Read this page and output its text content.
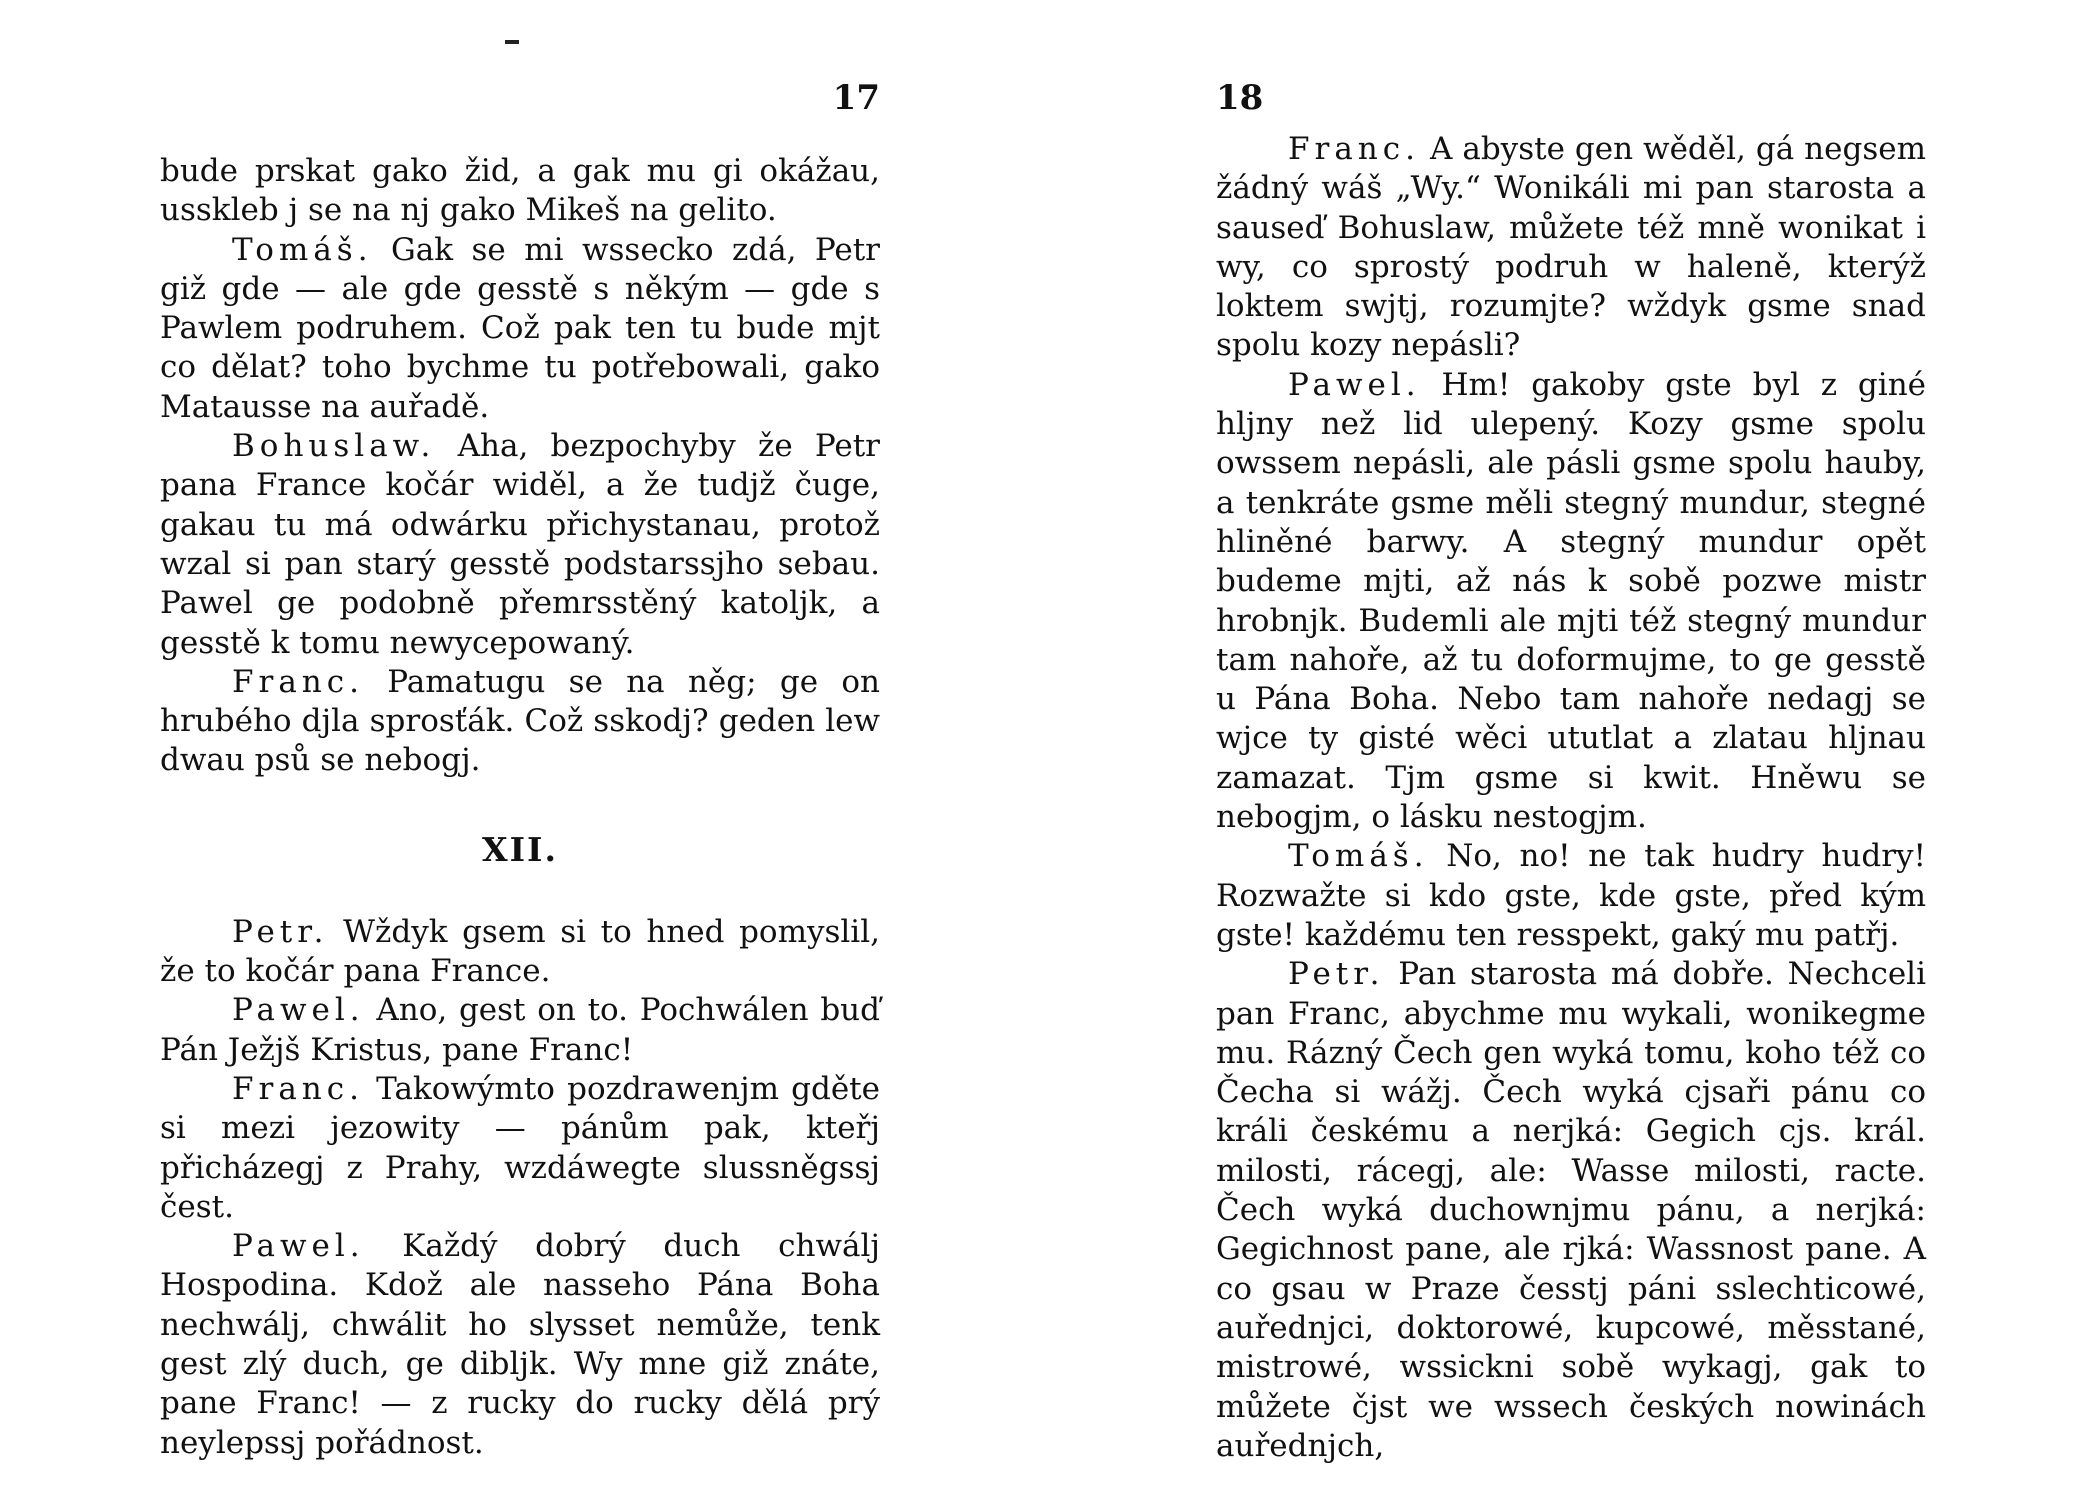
17

bude prskat gako žid, a gak mu gi okážau, usskleb j se na nj gako Mikeš na gelito.

Tomáš. Gak se mi wssecko zdá, Petr giž gde — ale gde gesstě s někým — gde s Pawlem podruhem. Což pak ten tu bude mjt co dělat? toho bychme tu potřebowali, gako Matausse na auřadě.

Bohuslaw. Aha, bezpochyby že Petr pana France kočár widěl, a že tudjž čuge, gakau tu má odwárku přichystanau, protož wzal si pan starý gesstě podstarssjho sebau. Pawel ge podobně přemrsstěný katoljk, a gesstě k tomu newycepowaný.

Franc. Pamatugu se na něg; ge on hrubého djla sprosťák. Což sskodj? geden lew dwau psů se nebogj.

XII.

Petr. Wždyk gsem si to hned pomyslil, že to kočár pana France.

Pawel. Ano, gest on to. Pochwálen buď Pán Ježjš Kristus, pane Franc!

Franc. Takowýmto pozdrawenjm gděte si mezi jezowity — pánům pak, kteřj přicházegj z Prahy, wzdáwegte slussněgssj čest.

Pawel. Každý dobrý duch chwálj Hospodina. Kdož ale nasseho Pána Boha nechwálj, chwálit ho slysset nemůže, tenk gest zlý duch, ge dibljk. Wy mne giž znáte, pane Franc! — z rucky do rucky dělá prý neylepssj pořádnost.

18

Franc. A abyste gen wěděl, gá negsem žádný wáš „Wy.“ Wonikáli mi pan starosta a sauseď Bohuslaw, můžete též mně wonikat i wy, co sprostý podruh w haleně, kterýž loktem swjtj, rozumjte? wždyk gsme snad spolu kozy nepásli?

Pawel. Hm! gakoby gste byl z giné hljny než lid ulepený. Kozy gsme spolu owssem nepásli, ale pásli gsme spolu hauby, a tenkráte gsme měli stegný mundur, stegné hliněné barwy. A stegný mundur opět budeme mjti, až nás k sobě pozwe mistr hrobnjk. Budemli ale mjti též stegný mundur tam nahoře, až tu doformujme, to ge gesstě u Pána Boha. Nebo tam nahoře nedagj se wjce ty gisté wěci ututlat a zlatau hljnau zamazat. Tjm gsme si kwit. Hněwu se nebogjm, o lásku nestogjm.

Tomáš. No, no! ne tak hudry hudry! Rozwažte si kdo gste, kde gste, před kým gste! každému ten resspekt, gaký mu patřj.

Petr. Pan starosta má dobře. Nechceli pan Franc, abychme mu wykali, wonikegme mu. Rázný Čech gen wyká tomu, koho též co Čecha si wážj. Čech wyká cjsaři pánu co králi českému a nerjká: Gegich cjs. král. milosti, rácegj, ale: Wasse milosti, racte. Čech wyká duchownjmu pánu, a nerjká: Gegichnost pane, ale rjká: Wassnost pane. A co gsau w Praze česstj páni sslechticowé, auřednjci, doktorowé, kupcowé, měsstané, mistrowé, wssickni sobě wykagj, gak to můžete čjst we wssech českých nowinách auřednjch,
